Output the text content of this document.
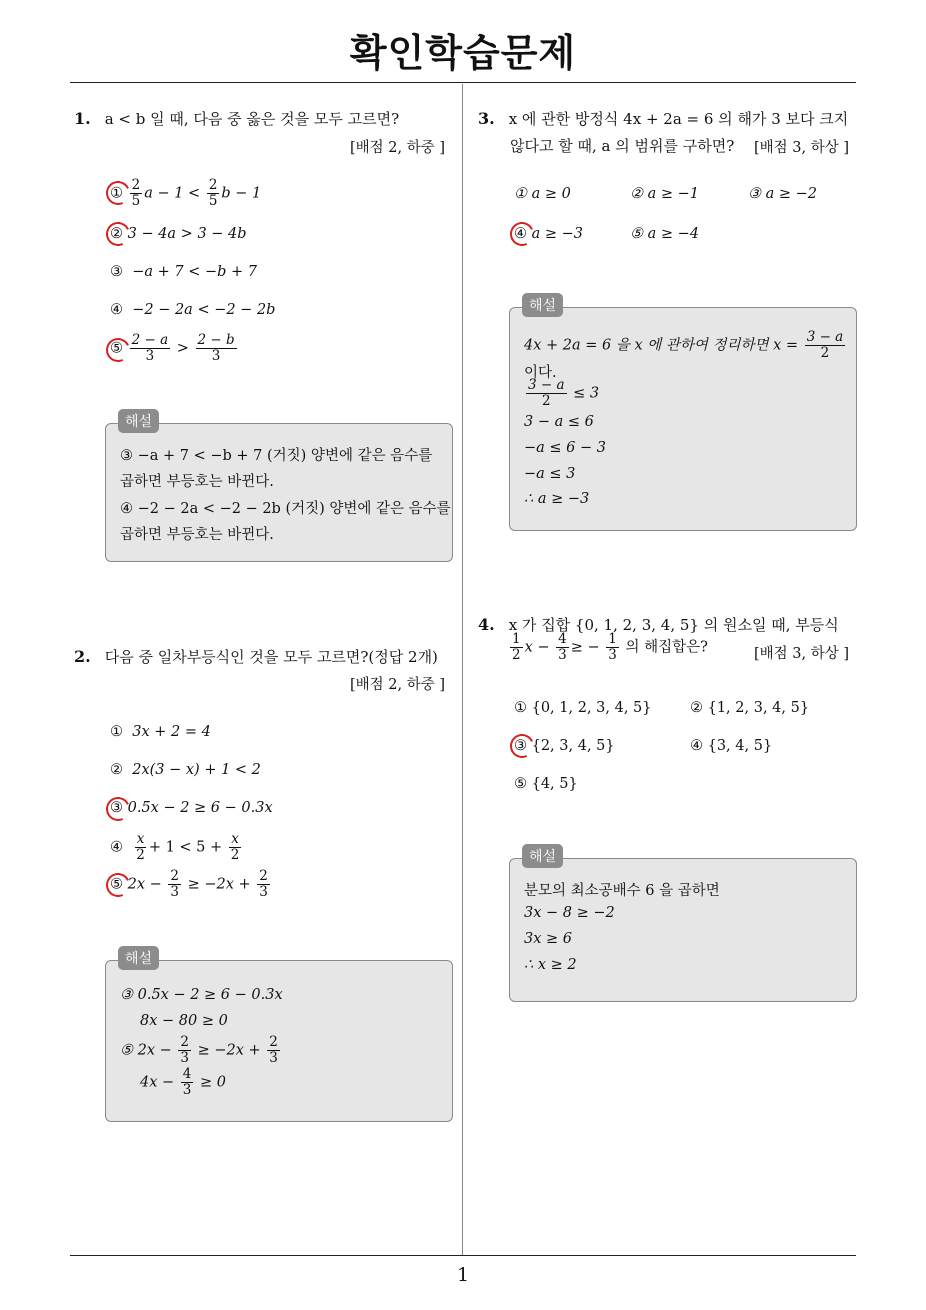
확인학습문제
1
1. a < b 일 때, 다음 중 옳은 것을 모두 고르면?
[배점 2, 하중 ]
① $\frac{2}{5}$ $a - 1 < \frac{2}{5}$ b − 1
② 3 − 4a > 3 − 4b
③ −a + 7 < −b + 7
④ −2 − 2a < −2 − 2b
⑤ $\frac{2 - a}{3} > \frac{2 - b}{3}$
해설
③ −a + 7 < −b + 7 (거짓) 양변에 같은 음수를
곱하면 부등호는 바뀐다.
④ −2 − 2a < −2 − 2b (거짓) 양변에 같은 음수를
곱하면 부등호는 바뀐다.
2. 다음 중 일차부등식인 것을 모두 고르면?(정답 2개)
[배점 2, 하중 ]
① 3x + 2 = 4
② 2x(3 − x) + 1 < 2
③ 0.5x − 2 ≥ 6 − 0.3x
④ $\frac{x}{2} + 1 < 5 + \frac{x}{2}$
⑤ $2x - \frac{2}{3} \ge -2x + \frac{2}{3}$
해설
③ 0.5x − 2 ≥ 6 − 0.3x
8x − 80 ≥ 0
⑤ $2x - \frac{2}{3} \ge -2x + \frac{2}{3}$
$4x - \frac{4}{3} \ge 0$
3. x 에 관한 방정식 4x + 2a = 6 의 해가 3 보다 크지
않다고 할 때, a 의 범위를 구하면? [배점 3, 하상 ]
① a ≥ 0	② a ≥ −1	③ a ≥ −2
④ a ≥ −3	⑤ a ≥ −4
해설
4x + 2a = 6 을 x 에 관하여 정리하면 $x = \frac{3 - a}{2}$
이다.
$\frac{3 - a}{2} \le 3$
3 − a ≤ 6
−a ≤ 6 − 3
−a ≤ 3
∴ a ≥ −3
4. x 가 집합 {0, 1, 2, 3, 4, 5} 의 원소일 때, 부등식
$\frac{1}{2}$ $x - \frac{4}{3}$ ≥ − $\frac{1}{3}$ 의 해집합은?	[배점 3, 하상 ]
① {0, 1, 2, 3, 4, 5}	② {1, 2, 3, 4, 5}
③ {2, 3, 4, 5}	④ {3, 4, 5}
⑤ {4, 5}
해설
분모의 최소공배수 6 을 곱하면
3x − 8 ≥ −2
3x ≥ 6
∴ x ≥ 2
